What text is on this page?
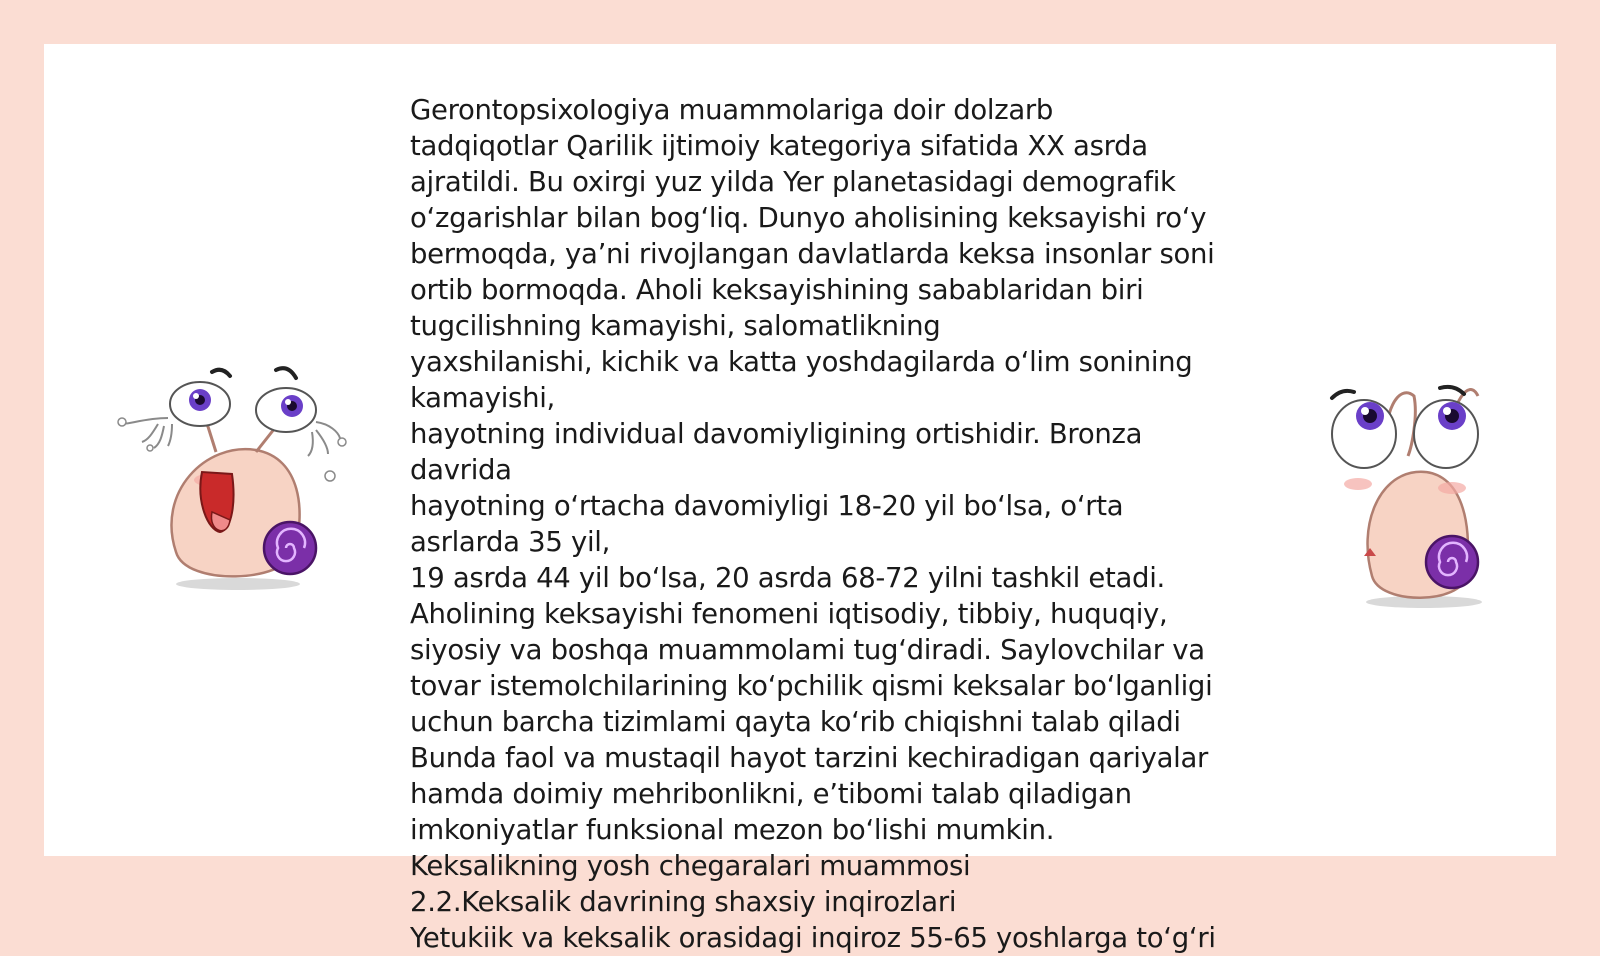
GerontopsixoIogiya muammolariga doir dolzarb
tadqiqotlar Qarilik ijtimoiy kategoriya sifatida XX asrda
ajratildi. Bu oxirgi yuz yilda Yer planetasidagi demografik
o‘zgarishlar bilan bog‘liq. Dunyo aholisining keksayishi ro‘y
bermoqda, ya’ni rivojlangan davlatlarda keksa insonlar soni
ortib bormoqda. Aholi keksayishining sabablaridan biri
tugcilishning kamayishi, salomatlikning
yaxshilanishi, kichik va katta yoshdagilarda o‘lim sonining
kamayishi,
hayotning individual davomiyligining ortishidir. Bronza
davrida
hayotning o‘rtacha davomiyligi 18-20 yil bo‘lsa, o‘rta
asrlarda 35 yil,
19 asrda 44 yil bo‘lsa, 20 asrda 68-72 yilni tashkil etadi.
Aholining keksayishi fenomeni iqtisodiy, tibbiy, huquqiy,
siyosiy va boshqa muammolami tug‘diradi. Saylovchilar va
tovar istemolchilarining ko‘pchilik qismi keksalar bo‘lganligi
uchun barcha tizimlami qayta ko‘rib chiqishni talab qiladi
Bunda faol va mustaqil hayot tarzini kechiradigan qariyalar
hamda doimiy mehribonlikni, e’tibomi talab qiladigan
imkoniyatlar funksional mezon bo‘lishi mumkin.
Keksalikning yosh chegaralari muammosi
2.2.Keksalik davrining shaxsiy inqirozlari
Yetukiik va keksalik orasidagi inqiroz 55-65 yoshlarga to‘g‘ri
